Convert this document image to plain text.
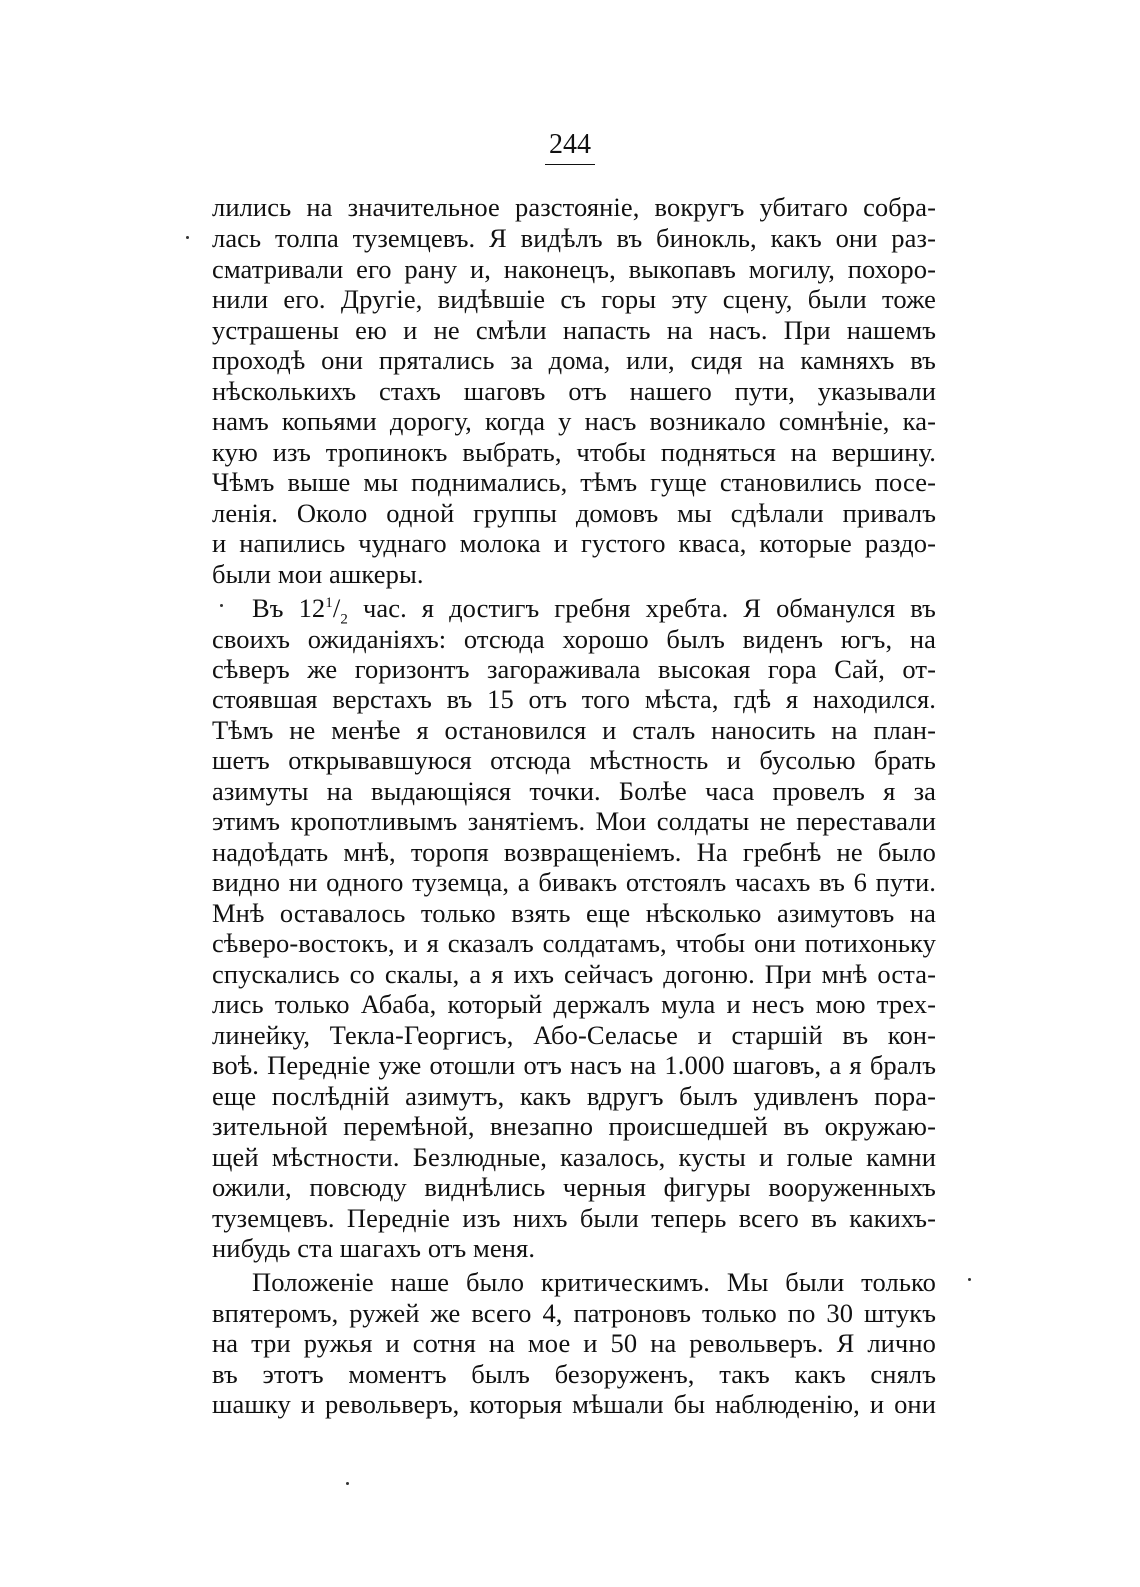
244
лились на значительное разстояніе, вокругъ убитаго собра-
лась толпа туземцевъ. Я видѣлъ въ бинокль, какъ они раз-
сматривали его рану и, наконецъ, выкопавъ могилу, похоро-
нили его. Другіе, видѣвшіе съ горы эту сцену, были тоже
устрашены ею и не смѣли напасть на насъ. При нашемъ
проходѣ они прятались за дома, или, сидя на камняхъ въ
нѣсколькихъ стахъ шаговъ отъ нашего пути, указывали
намъ копьями дорогу, когда у насъ возникало сомнѣніе, ка-
кую изъ тропинокъ выбрать, чтобы подняться на вершину.
Чѣмъ выше мы поднимались, тѣмъ гуще становились посе-
ленія. Около одной группы домовъ мы сдѣлали привалъ
и напились чуднаго молока и густого кваса, которые раздо-
были мои ашкеры.
Въ $12^1/_2$ час. я достигъ гребня хребта. Я обманулся въ
своихъ ожиданіяхъ: отсюда хорошо былъ виденъ югъ, на
сѣверъ же горизонтъ загораживала высокая гора Сай, от-
стоявшая верстахъ въ 15 отъ того мѣста, гдѣ я находился.
Тѣмъ не менѣе я остановился и сталъ наносить на план-
шетъ открывавшуюся отсюда мѣстность и бусолью брать
азимуты на выдающіяся точки. Болѣе часа провелъ я за
этимъ кропотливымъ занятіемъ. Мои солдаты не переставали
надоѣдать мнѣ, торопя возвращеніемъ. На гребнѣ не было
видно ни одного туземца, а бивакъ отстоялъ часахъ въ 6 пути.
Мнѣ оставалось только взять еще нѣсколько азимутовъ на
сѣверо-востокъ, и я сказалъ солдатамъ, чтобы они потихоньку
спускались со скалы, а я ихъ сейчасъ догоню. При мнѣ оста-
лись только Абаба, который держалъ мула и несъ мою трех-
линейку, Текла-Георгисъ, Або-Селасье и старшій въ кон-
воѣ. Передніе уже отошли отъ насъ на 1.000 шаговъ, а я бралъ
еще послѣдній азимутъ, какъ вдругъ былъ удивленъ пора-
зительной перемѣной, внезапно происшедшей въ окружаю-
щей мѣстности. Безлюдные, казалось, кусты и голые камни
ожили, повсюду виднѣлись черныя фигуры вооруженныхъ
туземцевъ. Передніе изъ нихъ были теперь всего въ какихъ-
нибудь ста шагахъ отъ меня.
Положеніе наше было критическимъ. Мы были только
впятеромъ, ружей же всего 4, патроновъ только по 30 штукъ
на три ружья и сотня на мое и 50 на револьверъ. Я лично
въ этотъ моментъ былъ безоруженъ, такъ какъ снялъ
шашку и револьверъ, которыя мѣшали бы наблюденію, и они
